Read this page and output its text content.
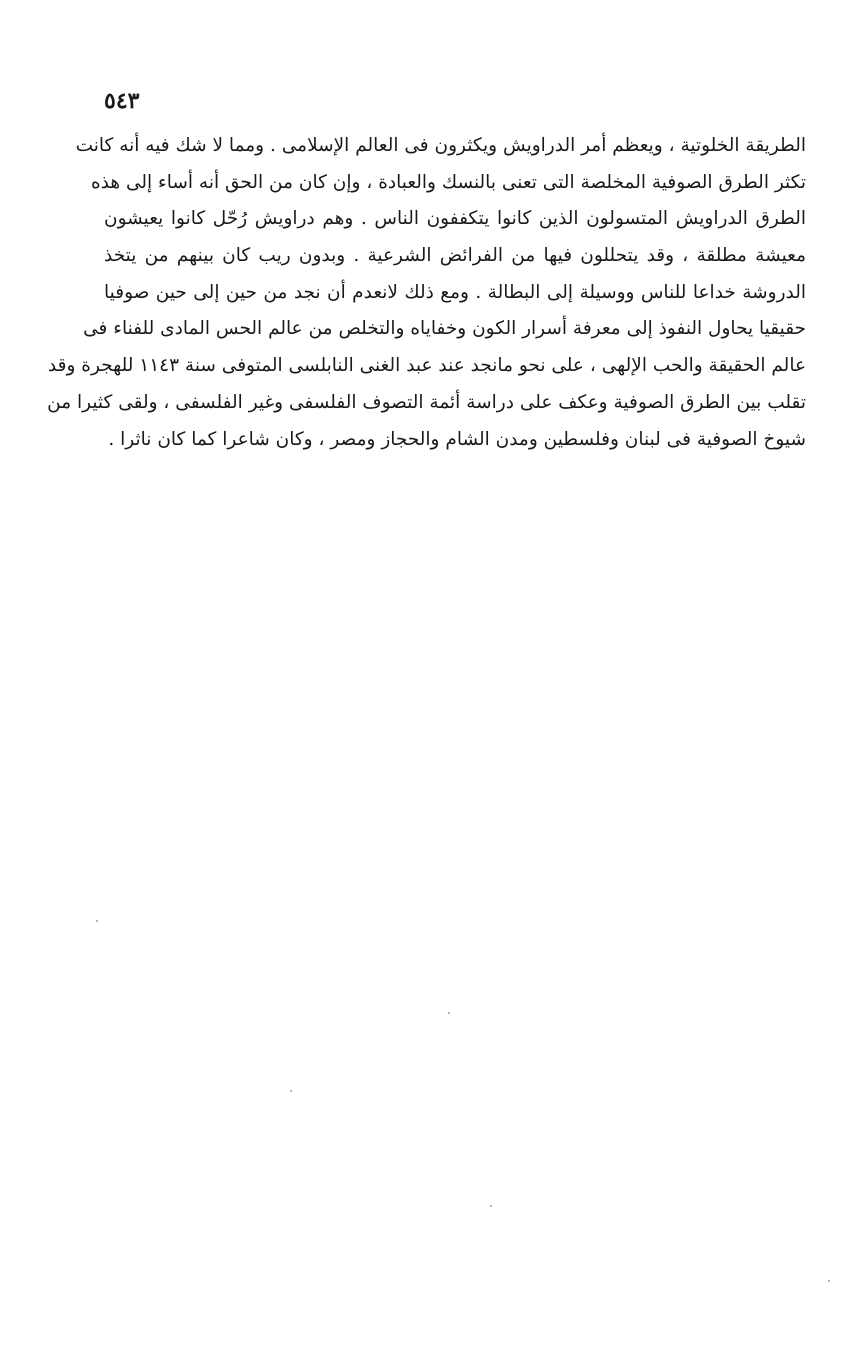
٥٤٣
الطريقة الخلوتية ، ويعظم أمر الدراويش ويكثرون فى العالم الإسلامى . ومما لا شك فيه أنه كانت
تكثر الطرق الصوفية المخلصة التى تعنى بالنسك والعبادة ، وإن كان من الحق أنه أساء إلى هذه
الطرق الدراويش المتسولون الذين كانوا يتكففون الناس . وهم دراويش رُحّل كانوا يعيشون
معيشة مطلقة ، وقد يتحللون فيها من الفرائض الشرعية . وبدون ريب كان بينهم من يتخذ
الدروشة خداعا للناس ووسيلة إلى البطالة . ومع ذلك لانعدم أن نجد من حين إلى حين صوفيا
حقيقيا يحاول النفوذ إلى معرفة أسرار الكون وخفاياه والتخلص من عالم الحس المادى للفناء فى
عالم الحقيقة والحب الإلهى ، على نحو مانجد عند عبد الغنى النابلسى المتوفى سنة ١١٤٣ للهجرة وقد
تقلب بين الطرق الصوفية وعكف على دراسة أئمة التصوف الفلسفى وغير الفلسفى ، ولقى كثيرا من
شيوخ الصوفية فى لبنان وفلسطين ومدن الشام والحجاز ومصر ، وكان شاعرا كما كان ناثرا .
